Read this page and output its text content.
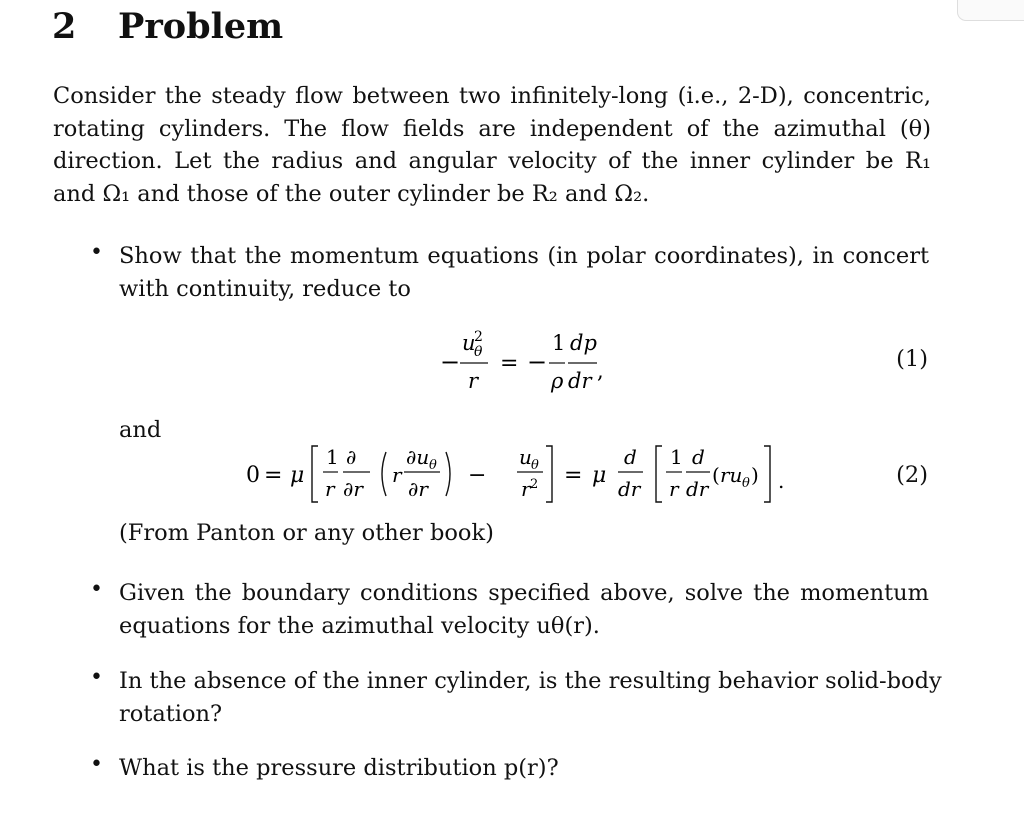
2 Problem
Consider the steady flow between two infinitely-long (i.e., 2-D), concentric,
rotating cylinders. The flow fields are independent of the azimuthal (θ)
direction. Let the radius and angular velocity of the inner cylinder be R₁
and Ω₁ and those of the outer cylinder be R₂ and Ω₂.
• Show that the momentum equations (in polar coordinates), in concert
with continuity, reduce to
−
u
2
θ
r
= −
1
ρ
dp
dr ,	(1)
and
0 = μ
1
r
∂
∂r
r
∂u θ
∂r
−
u θ
r 2 = μ
d
dr
1
r
d
dr
( ru θ ) .	(2)
(From Panton or any other book)
• Given the boundary conditions specified above, solve the momentum
equations for the azimuthal velocity uθ(r).
• In the absence of the inner cylinder, is the resulting behavior solid-body
rotation?
• What is the pressure distribution p(r)?
